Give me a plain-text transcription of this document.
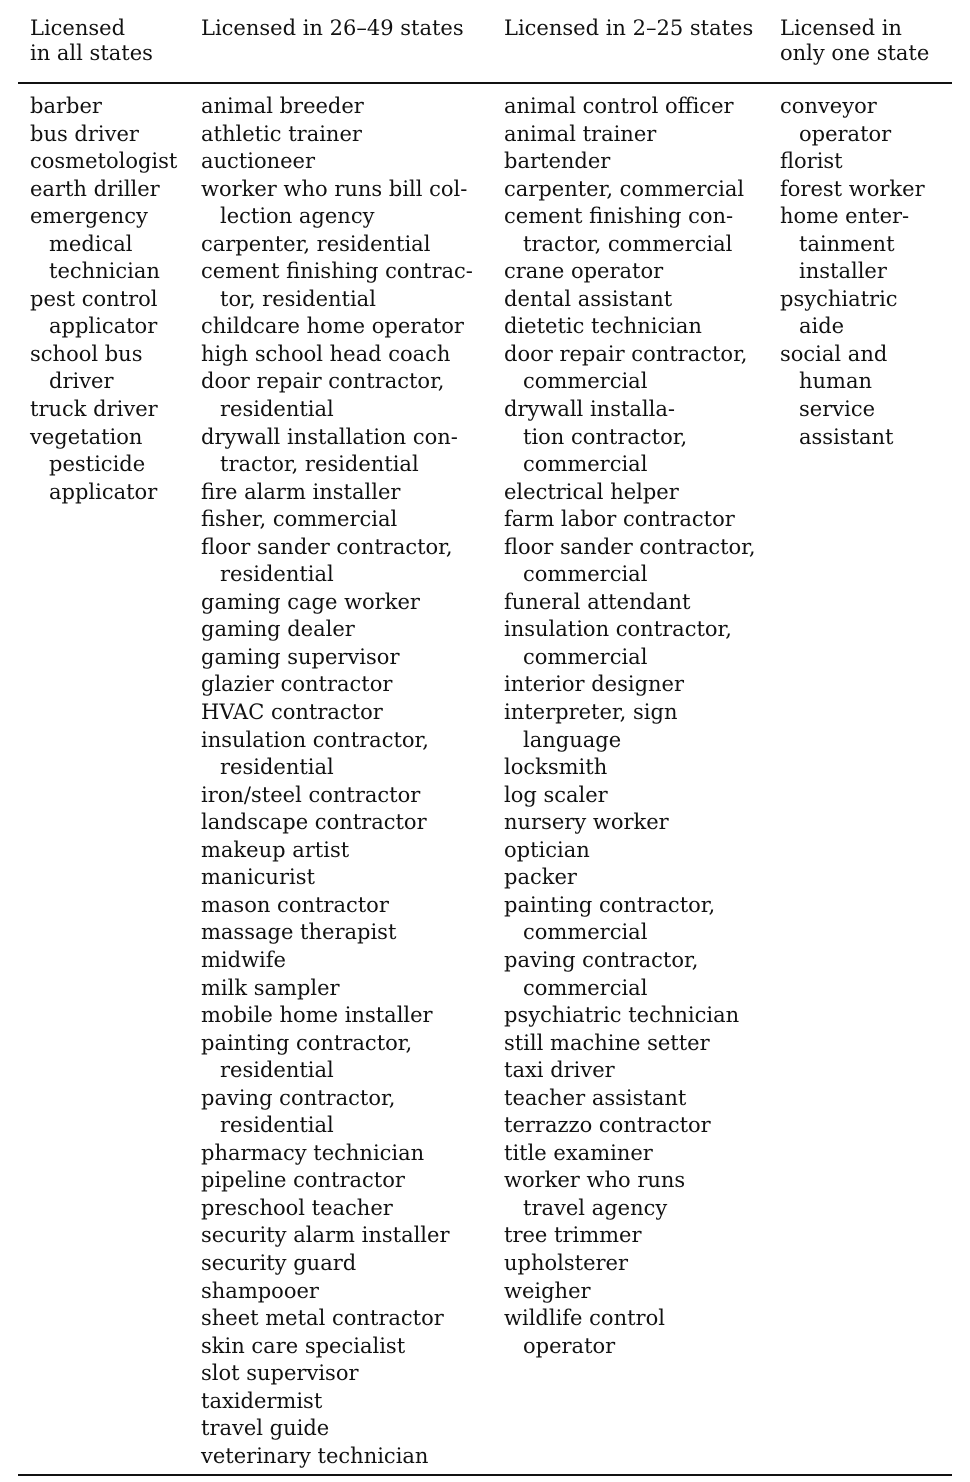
Licensed
in all states
Licensed in 26–49 states Licensed in 2–25 states Licensed in
only one state
barber
bus driver
cosmetologist
earth driller
emergency
medical
technician
pest control
applicator
school bus
driver
truck driver
vegetation
pesticide
applicator
animal breeder
athletic trainer
auctioneer
worker who runs bill col-
lection agency
carpenter, residential
cement finishing contrac-
tor, residential
childcare home operator
high school head coach
door repair contractor,
residential
drywall installation con-
tractor, residential
fire alarm installer
fisher, commercial
floor sander contractor,
residential
gaming cage worker
gaming dealer
gaming supervisor
glazier contractor
HVAC contractor
insulation contractor,
residential
iron/steel contractor
landscape contractor
makeup artist
manicurist
mason contractor
massage therapist
midwife
milk sampler
mobile home installer
painting contractor,
residential
paving contractor,
residential
pharmacy technician
pipeline contractor
preschool teacher
security alarm installer
security guard
shampooer
sheet metal contractor
skin care specialist
slot supervisor
taxidermist
travel guide
veterinary technician
animal control officer
animal trainer
bartender
carpenter, commercial
cement finishing con-
tractor, commercial
crane operator
dental assistant
dietetic technician
door repair contractor,
commercial
drywall installa-
tion contractor,
commercial
electrical helper
farm labor contractor
floor sander contractor,
commercial
funeral attendant
insulation contractor,
commercial
interior designer
interpreter, sign
language
locksmith
log scaler
nursery worker
optician
packer
painting contractor,
commercial
paving contractor,
commercial
psychiatric technician
still machine setter
taxi driver
teacher assistant
terrazzo contractor
title examiner
worker who runs
travel agency
tree trimmer
upholsterer
weigher
wildlife control
operator
conveyor
operator
florist
forest worker
home enter-
tainment
installer
psychiatric
aide
social and
human
service
assistant
